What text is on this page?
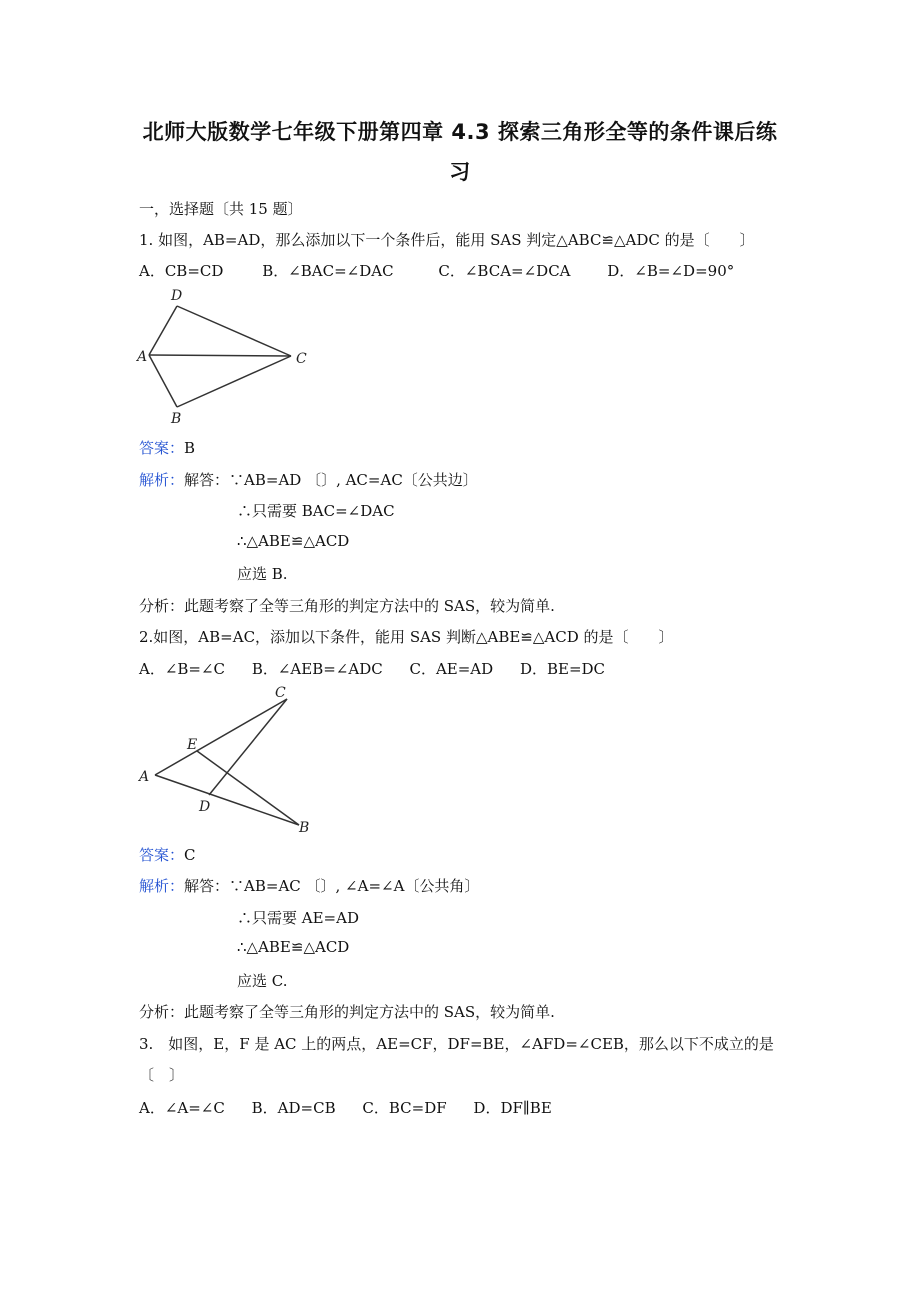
北师大版数学七年级下册第四章 4.3 探索三角形全等的条件课后练
习
一，选择题〔共 15 题〕
1. 如图，AB=AD，那么添加以下一个条件后，能用 SAS 判定△ABC≌△ADC 的是〔　　〕
A．CB=CD	B．∠BAC=∠DAC	C．∠BCA=∠DCA D．∠B=∠D=90°
D
A	C
B
答案：B
解析：解答：∵AB=AD 〔〕, AC=AC〔公共边〕
∴只需要 BAC=∠DAC
∴△ABE≌△ACD
应选 B.
分析：此题考察了全等三角形的判定方法中的 SAS，较为简单.
2.如图，AB=AC，添加以下条件，能用 SAS 判断△ABE≌△ACD 的是〔　　〕
A．∠B=∠C B．∠AEB=∠ADC C．AE=AD D．BE=DC
C
E
A
D
B
答案：C
解析：解答：∵AB=AC 〔〕, ∠A=∠A〔公共角〕
∴只需要 AE=AD
∴△ABE≌△ACD
应选 C.
分析：此题考察了全等三角形的判定方法中的 SAS，较为简单.
3.　如图，E，F 是 AC 上的两点，AE=CF，DF=BE，∠AFD=∠CEB，那么以下不成立的是
〔　〕
A．∠A=∠C B．AD=CB C．BC=DF D．DF∥BE
